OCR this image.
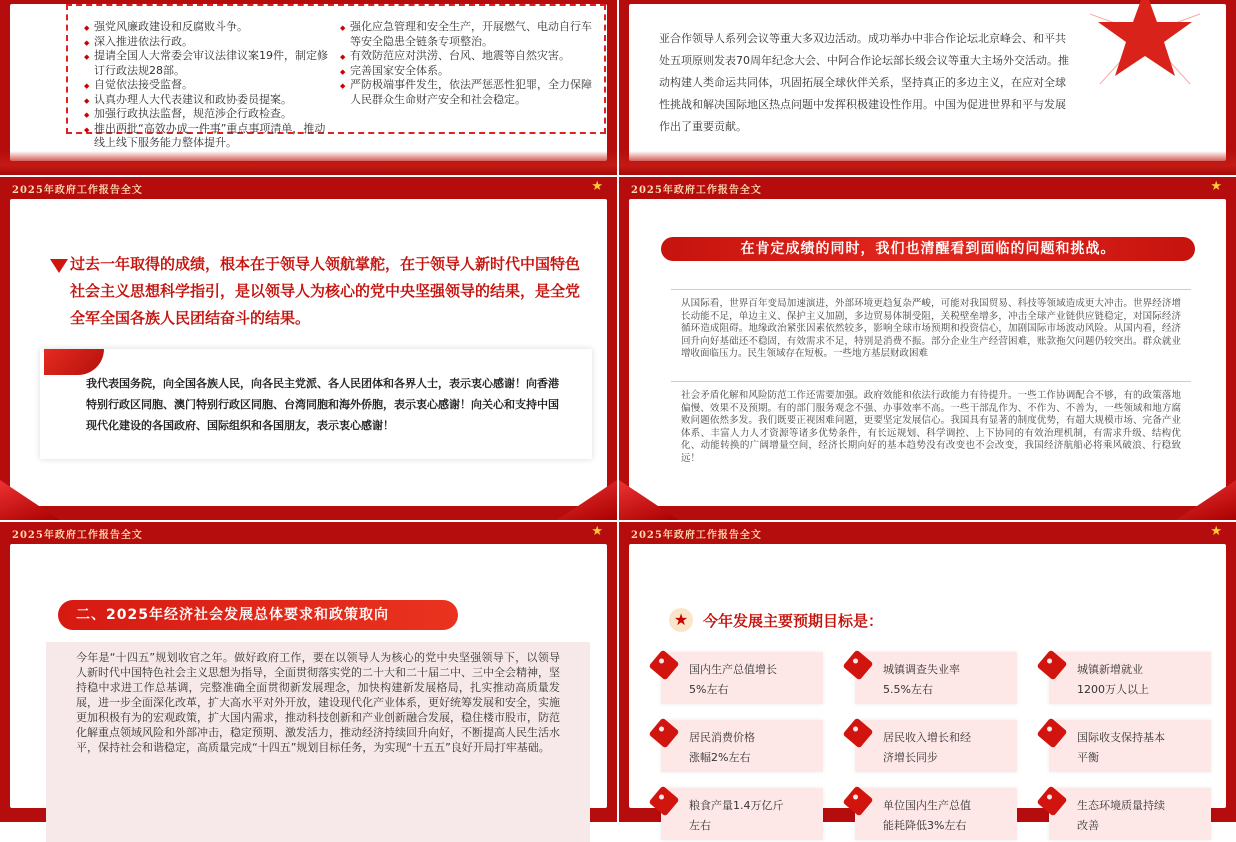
◆ 强党风廉政建设和反腐败斗争。
◆ 深入推进依法行政。
◆ 提请全国人大常委会审议法律议案19件，制定修订行政法规28部。
◆ 自觉依法接受监督。
◆ 认真办理人大代表建议和政协委员提案。
◆ 加强行政执法监督，规范涉企行政检查。
◆ 推出两批“高效办成一件事”重点事项清单，推动线上线下服务能力整体提升。
◆ 强化应急管理和安全生产，开展燃气、电动自行车等安全隐患全链条专项整治。
◆ 有效防范应对洪涝、台风、地震等自然灾害。
◆ 完善国家安全体系。
◆ 严防极端事件发生，依法严惩恶性犯罪，全力保障人民群众生命财产安全和社会稳定。
亚合作领导人系列会议等重大多双边活动。成功举办中非合作论坛北京峰会、和平共处五项原则发表70周年纪念大会、中阿合作论坛部长级会议等重大主场外交活动。推动构建人类命运共同体，巩固拓展全球伙伴关系，坚持真正的多边主义，在应对全球性挑战和解决国际地区热点问题中发挥积极建设性作用。中国为促进世界和平与发展作出了重要贡献。
2025年政府工作报告全文	★
过去一年取得的成绩，根本在于领导人领航掌舵，在于领导人新时代中国特色社会主义思想科学指引，是以领导人为核心的党中央坚强领导的结果，是全党全军全国各族人民团结奋斗的结果。
我代表国务院，向全国各族人民，向各民主党派、各人民团体和各界人士，表示衷心感谢！向香港特别行政区同胞、澳门特别行政区同胞、台湾同胞和海外侨胞，表示衷心感谢！向关心和支持中国现代化建设的各国政府、国际组织和各国朋友，表示衷心感谢！
2025年政府工作报告全文	★
在肯定成绩的同时，我们也清醒看到面临的问题和挑战。
从国际看，世界百年变局加速演进，外部环境更趋复杂严峻，可能对我国贸易、科技等领域造成更大冲击。世界经济增长动能不足，单边主义、保护主义加剧，多边贸易体制受阻，关税壁垒增多，冲击全球产业链供应链稳定，对国际经济循环造成阻碍。地缘政治紧张因素依然较多，影响全球市场预期和投资信心，加剧国际市场波动风险。从国内看，经济回升向好基础还不稳固，有效需求不足，特别是消费不振。部分企业生产经营困难，账款拖欠问题仍较突出。群众就业增收面临压力。民生领域存在短板。一些地方基层财政困难
社会矛盾化解和风险防范工作还需要加强。政府效能和依法行政能力有待提升。一些工作协调配合不够，有的政策落地偏慢、效果不及预期。有的部门服务观念不强、办事效率不高。一些干部乱作为、不作为、不善为，一些领域和地方腐败问题依然多发。我们既要正视困难问题，更要坚定发展信心。我国具有显著的制度优势，有超大规模市场、完备产业体系、丰富人力人才资源等诸多优势条件，有长远规划、科学调控、上下协同的有效治理机制，有需求升级、结构优化、动能转换的广阔增量空间，经济长期向好的基本趋势没有改变也不会改变，我国经济航船必将乘风破浪、行稳致远！
2025年政府工作报告全文	★
今年是“十四五”规划收官之年。做好政府工作，要在以领导人为核心的党中央坚强领导下，以领导人新时代中国特色社会主义思想为指导，全面贯彻落实党的二十大和二十届二中、三中全会精神，坚持稳中求进工作总基调，完整准确全面贯彻新发展理念，加快构建新发展格局，扎实推动高质量发展，进一步全面深化改革，扩大高水平对外开放，建设现代化产业体系，更好统筹发展和安全，实施更加积极有为的宏观政策，扩大国内需求，推动科技创新和产业创新融合发展，稳住楼市股市，防范化解重点领域风险和外部冲击，稳定预期、激发活力，推动经济持续回升向好，不断提高人民生活水平，保持社会和谐稳定，高质量完成“十四五”规划目标任务，为实现“十五五”良好开局打牢基础。
二、2025年经济社会发展总体要求和政策取向
2025年政府工作报告全文	★
★ 今年发展主要预期目标是：
国内生产总值增长
5%左右
城镇调查失业率
5.5%左右
城镇新增就业
1200万人以上
居民消费价格
涨幅2%左右
居民收入增长和经
济增长同步
国际收支保持基本
平衡
粮食产量1.4万亿斤
左右
单位国内生产总值
能耗降低3%左右
生态环境质量持续
改善
